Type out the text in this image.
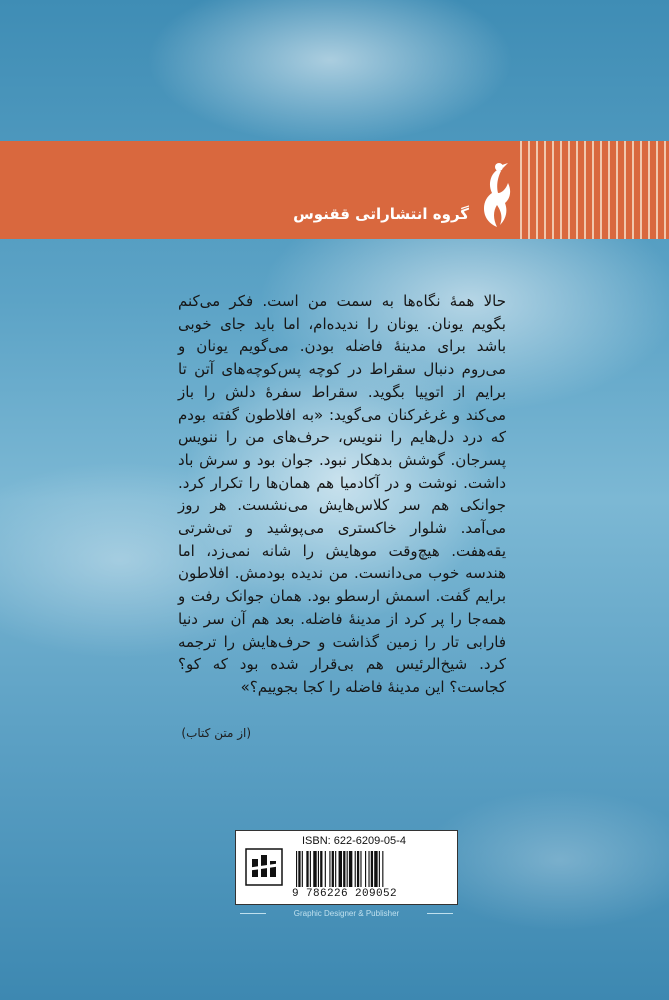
گروه انتشاراتی ققنوس
حالا همهٔ نگاه‌ها به سمت من است. فکر می‌کنم بگویم یونان. یونان را ندیده‌ام، اما باید جای خوبی باشد برای مدینهٔ فاضله بودن. می‌گویم یونان و می‌روم دنبال سقراط در کوچه پس‌کوچه‌های آتن تا برایم از اتوپیا بگوید. سقراط سفرهٔ دلش را باز می‌کند و غرغرکنان می‌گوید: «به افلاطون گفته بودم که درد دل‌هایم را ننویس، حرف‌های من را ننویس پسرجان. گوشش بدهکار نبود. جوان بود و سرش باد داشت. نوشت و در آکادمیا هم همان‌ها را تکرار کرد. جوانکی هم سر کلاس‌هایش می‌نشست. هر روز می‌آمد. شلوار خاکستری می‌پوشید و تی‌شرتی یقه‌هفت. هیچ‌وقت موهایش را شانه نمی‌زد، اما هندسه خوب می‌دانست. من ندیده بودمش. افلاطون برایم گفت. اسمش ارسطو بود. همان جوانک رفت و همه‌جا را پر کرد از مدینهٔ فاضله. بعد هم آن سر دنیا فارابی تار را زمین گذاشت و حرف‌هایش را ترجمه کرد. شیخ‌الرئیس هم بی‌قرار شده بود که کو؟ کجاست؟ این مدینهٔ فاضله را کجا بجوییم؟»
(از متن کتاب)
ISBN: 622-6209-05-4
9 786226 209052
Graphic Designer ‌& Publisher
